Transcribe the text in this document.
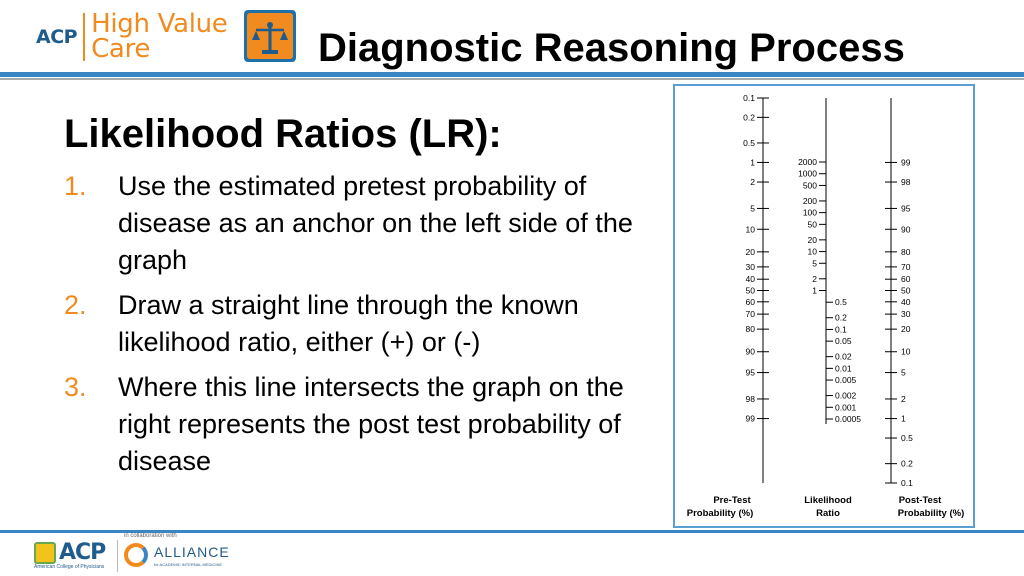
ACP High Value
Care	Diagnostic Reasoning Process
Likelihood Ratios (LR):
1.	Use the estimated pretest probability of disease as an anchor on the left side of the graph
2.	Draw a straight line through the known likelihood ratio, either (+) or (-)
3.	Where this line intersects the graph on the right represents the post test probability of disease
0.1
0.2
0.5
1
2
5
10
20
30
40
50
60
70
80
90
95
98
99
2000
1000
500
200
100
50
20
10
5
2
1
0.5
0.2
0.1
0.05
0.02
0.01
0.005
0.002
0.001
0.0005
99
98
95
90
80
70
60
50
40
30
20
10
5
2
1
0.5
0.2
0.1
Pre-Test
Probability (%)
Likelihood
Ratio
Post-Test
Probability (%)
ACP
American College of Physicians
in collaboration with
ALLIANCE
for ACADEMIC INTERNAL MEDICINE
